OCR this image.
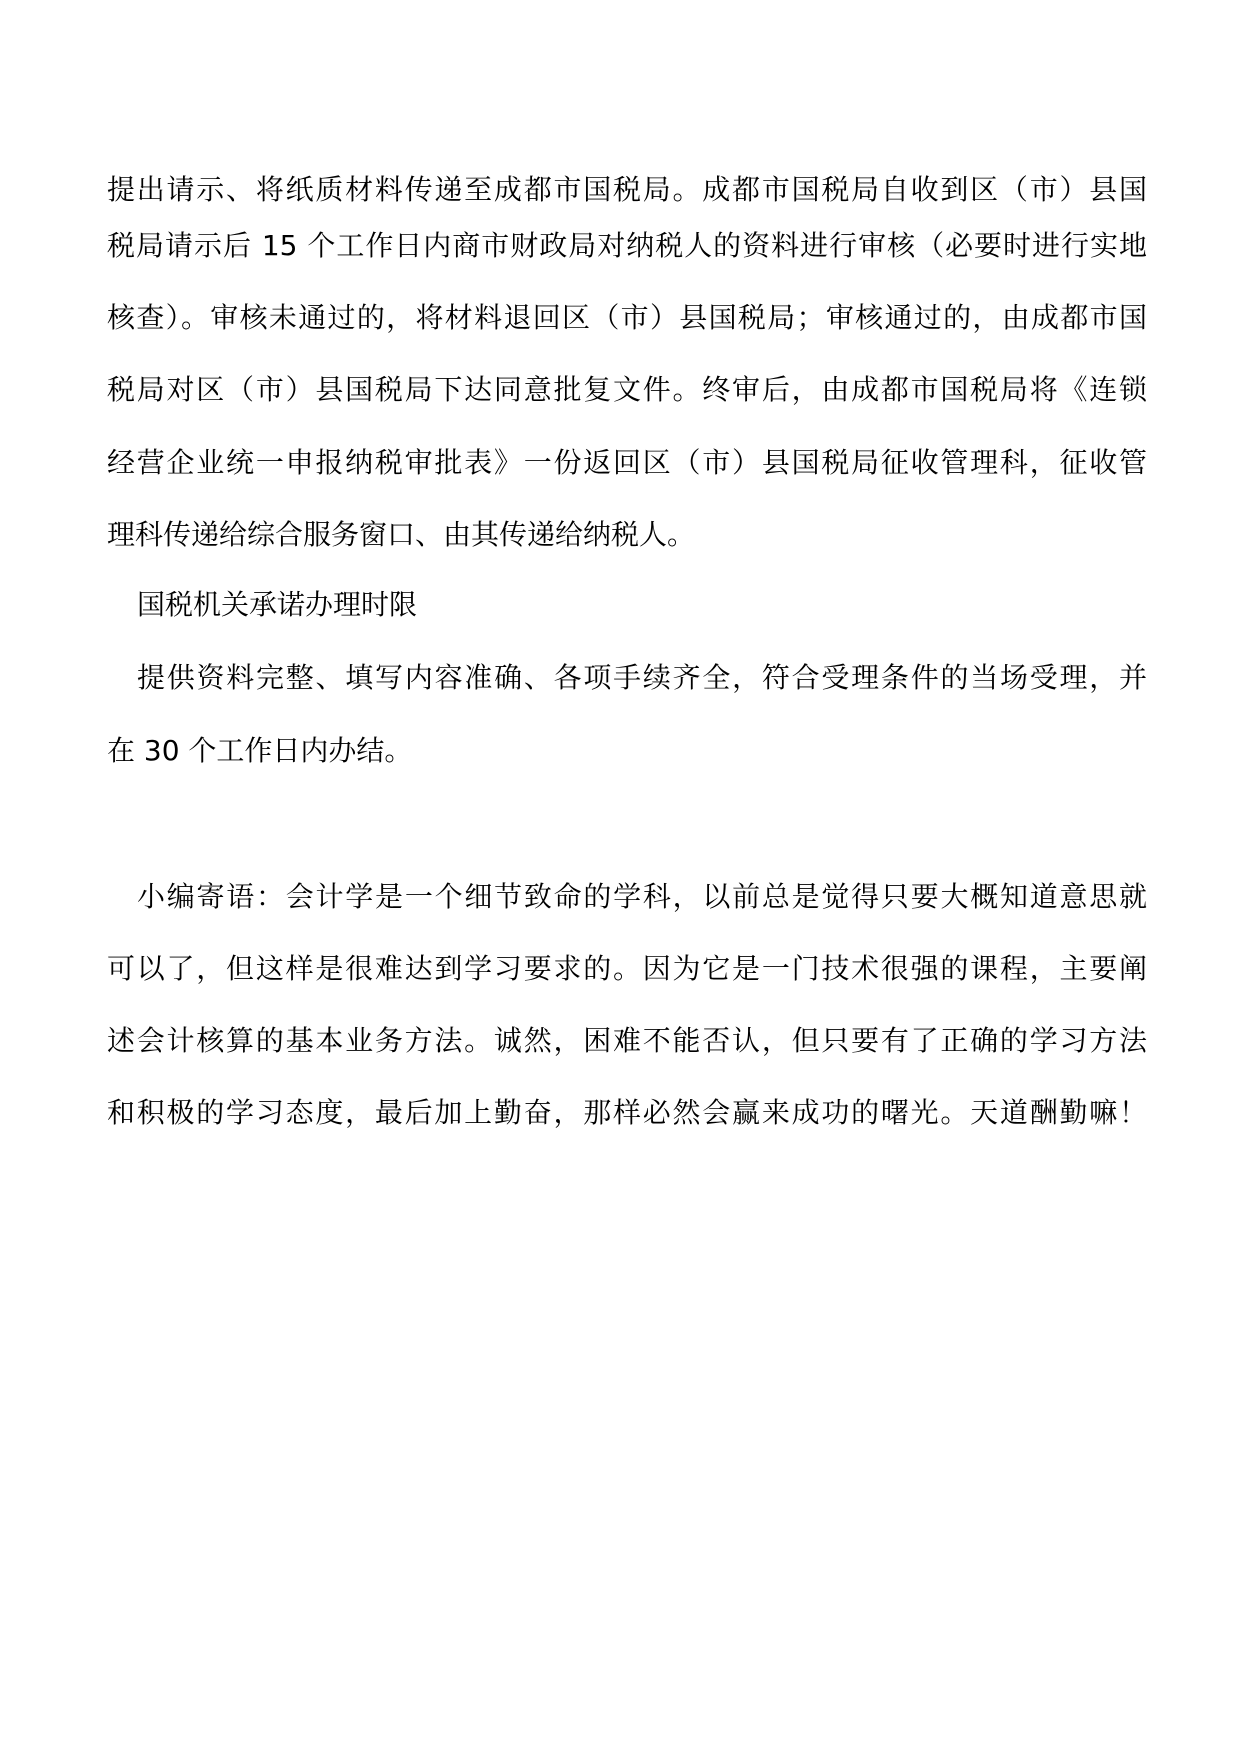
提出请示、将纸质材料传递至成都市国税局。成都市国税局自收到区（市）县国
税局请示后 15 个工作日内商市财政局对纳税人的资料进行审核（必要时进行实地
核查）。审核未通过的，将材料退回区（市）县国税局；审核通过的，由成都市国
税局对区（市）县国税局下达同意批复文件。终审后，由成都市国税局将《连锁
经营企业统一申报纳税审批表》一份返回区（市）县国税局征收管理科，征收管
理科传递给综合服务窗口、由其传递给纳税人。
国税机关承诺办理时限
提供资料完整、填写内容准确、各项手续齐全，符合受理条件的当场受理，并
在 30 个工作日内办结。
小编寄语：会计学是一个细节致命的学科，以前总是觉得只要大概知道意思就
可以了，但这样是很难达到学习要求的。因为它是一门技术很强的课程，主要阐
述会计核算的基本业务方法。诚然，困难不能否认，但只要有了正确的学习方法
和积极的学习态度，最后加上勤奋，那样必然会赢来成功的曙光。天道酬勤嘛！
